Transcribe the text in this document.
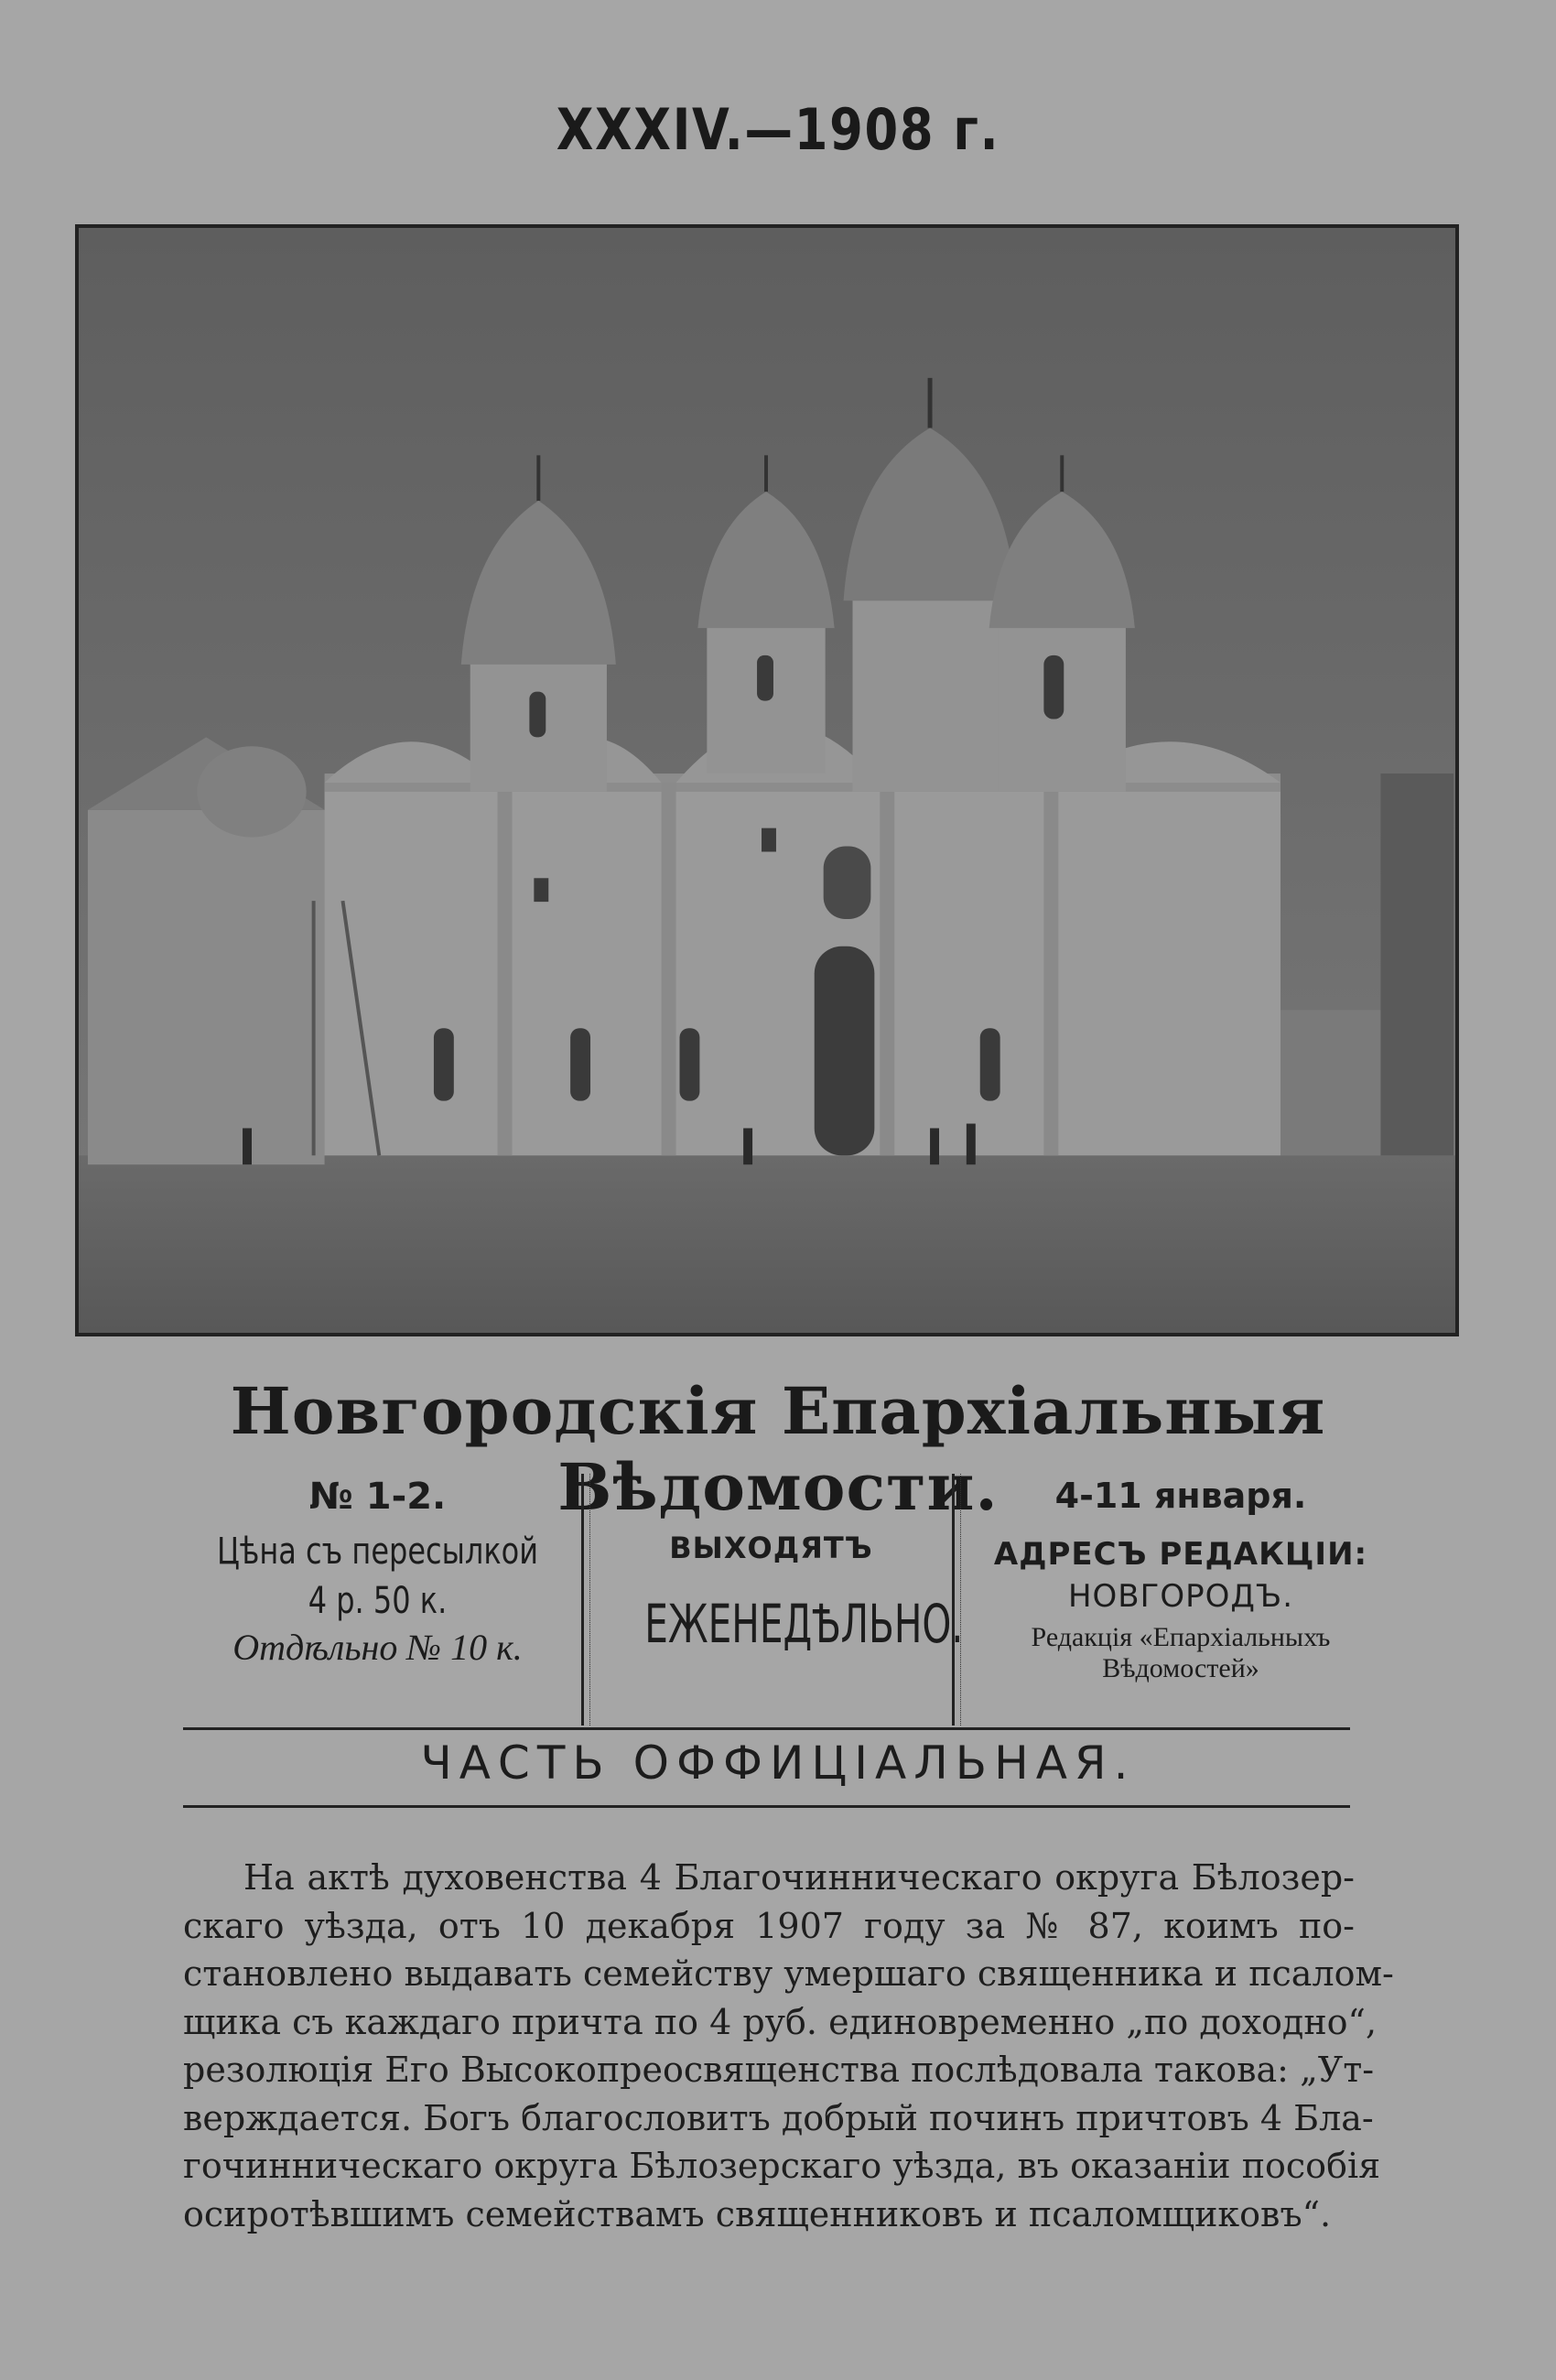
XXXIV.—1908 г.
Новгородскія Епархіальныя Вѣдомости.
№ 1-2.
Цѣна съ пересылкой
4 р. 50 к.
Отдѣльно № 10 к.
ВЫХОДЯТЪ
ЕЖЕНЕДѢЛЬНО.
4-11 января.
АДРЕСЪ РЕДАКЦІИ:
НОВГОРОДЪ.
Редакція «Епархіальныхъ
Вѣдомостей»
ЧАСТЬ ОФФИЦІАЛЬНАЯ.
На актѣ духовенства 4 Благочинническаго округа Бѣлозер-
скаго уѣзда, отъ 10 декабря 1907 году за № 87, коимъ по-
становлено выдавать семейству умершаго священника и псалом-
щика съ каждаго причта по 4 руб. единовременно „по доходно“,
резолюція Его Высокопреосвященства послѣдовала такова: „Ут-
верждается. Богъ благословитъ добрый починъ причтовъ 4 Бла-
гочинническаго округа Бѣлозерскаго уѣзда, въ оказаніи пособія
осиротѣвшимъ семействамъ священниковъ и псаломщиковъ“.
